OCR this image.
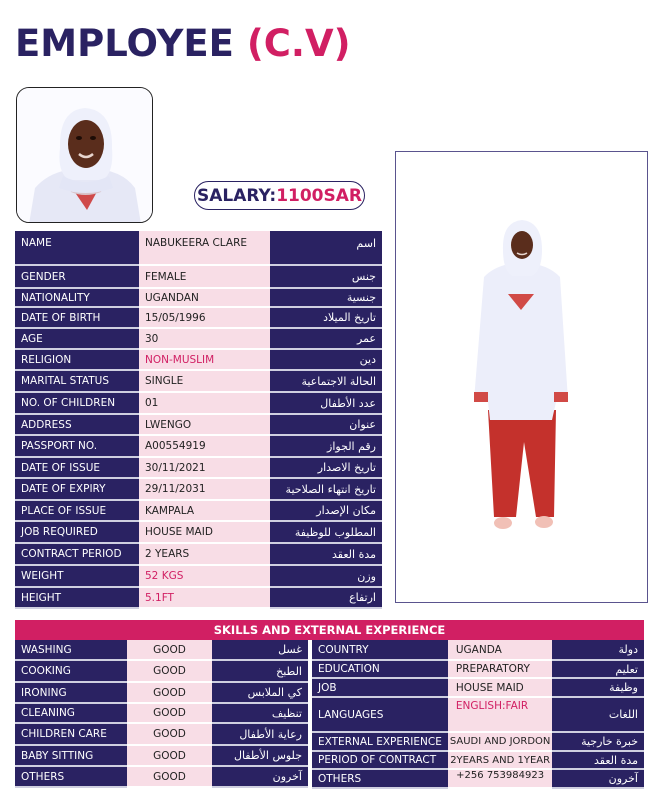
EMPLOYEE (C.V)
SALARY: 1100SAR
NAME	NABUKEERA CLARE	اسم
GENDER	FEMALE	جنس
NATIONALITY	UGANDAN	جنسية
DATE OF BIRTH	15/05/1996	تاريخ الميلاد
AGE	30	عمر
RELIGION	NON-MUSLIM	دين
MARITAL STATUS	SINGLE	الحالة الاجتماعية
NO. OF CHILDREN	01	عدد الأطفال
ADDRESS	LWENGO	عنوان
PASSPORT NO.	A00554919	رقم الجواز
DATE OF ISSUE	30/11/2021	تاريخ الاصدار
DATE OF EXPIRY	29/11/2031	تاريخ انتهاء الصلاحية
PLACE OF ISSUE	KAMPALA	مكان الإصدار
JOB REQUIRED	HOUSE MAID	المطلوب للوظيفة
CONTRACT PERIOD	2 YEARS	مدة العقد
WEIGHT	52 KGS	وزن
HEIGHT	5.1FT	ارتفاع
SKILLS AND EXTERNAL EXPERIENCE
WASHING	GOOD	غسل
COOKING	GOOD	الطبخ
IRONING	GOOD	كي الملابس
CLEANING	GOOD	تنظيف
CHILDREN CARE	GOOD	رعاية الأطفال
BABY SITTING	GOOD	جلوس الأطفال
OTHERS	GOOD	آخرون
COUNTRY	UGANDA	دولة
EDUCATION	PREPARATORY	تعليم
JOB	HOUSE MAID	وظيفة
LANGUAGES	ENGLISH:FAIR	اللغات
EXTERNAL EXPERIENCE	SAUDI AND JORDON	خبرة خارجية
PERIOD OF CONTRACT	2YEARS AND 1YEAR	مدة العقد
OTHERS	+256 753984923	آخرون
